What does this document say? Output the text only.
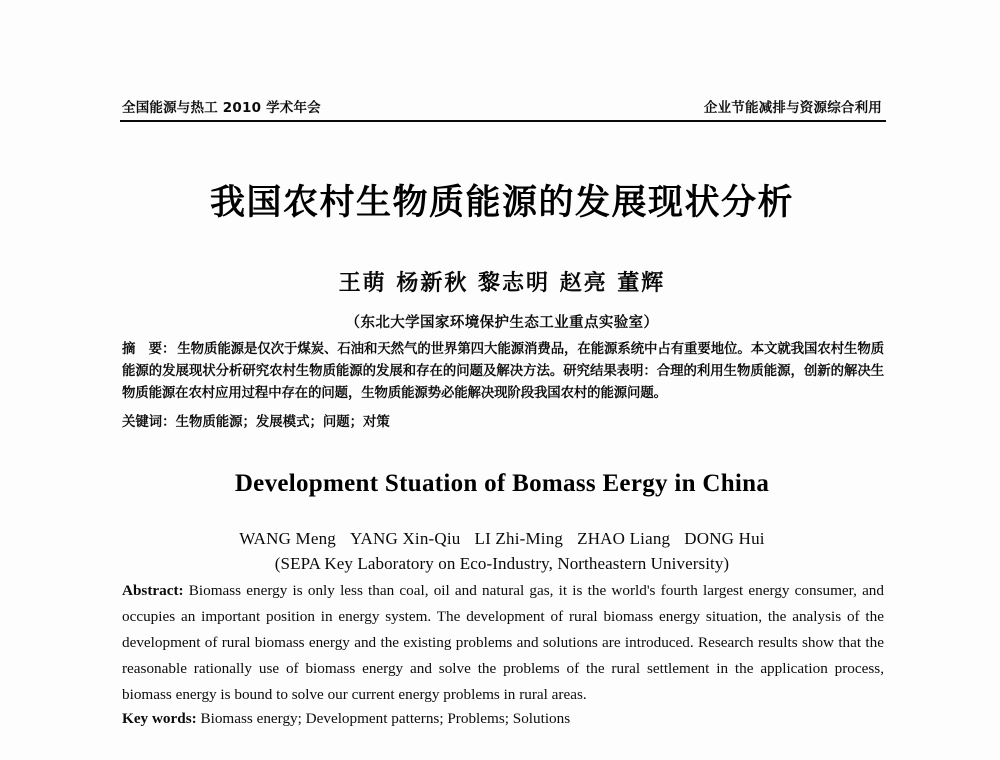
全国能源与热工 2010 学术年会	企业节能减排与资源综合利用
我国农村生物质能源的发展现状分析
王萌 杨新秋 黎志明 赵亮 董辉
（东北大学国家环境保护生态工业重点实验室）
摘　要： 生物质能源是仅次于煤炭、石油和天然气的世界第四大能源消费品，在能源系统中占有重要地位。本文就我国农村生物质能源的发展现状分析研究农村生物质能源的发展和存在的问题及解决方法。研究结果表明：合理的利用生物质能源，创新的解决生物质能源在农村应用过程中存在的问题，生物质能源势必能解决现阶段我国农村的能源问题。
关键词：生物质能源；发展模式；问题；对策
Development Stuation of Bomass Eergy in China
WANG Meng YANG Xin-Qiu LI Zhi-Ming ZHAO Liang DONG Hui
(SEPA Key Laboratory on Eco-Industry, Northeastern University)
Abstract: Biomass energy is only less than coal, oil and natural gas, it is the world's fourth largest energy consumer, and occupies an important position in energy system. The development of rural biomass energy situation, the analysis of the development of rural biomass energy and the existing problems and solutions are introduced. Research results show that the reasonable rationally use of biomass energy and solve the problems of the rural settlement in the application process, biomass energy is bound to solve our current energy problems in rural areas.
Key words: Biomass energy; Development patterns; Problems; Solutions
